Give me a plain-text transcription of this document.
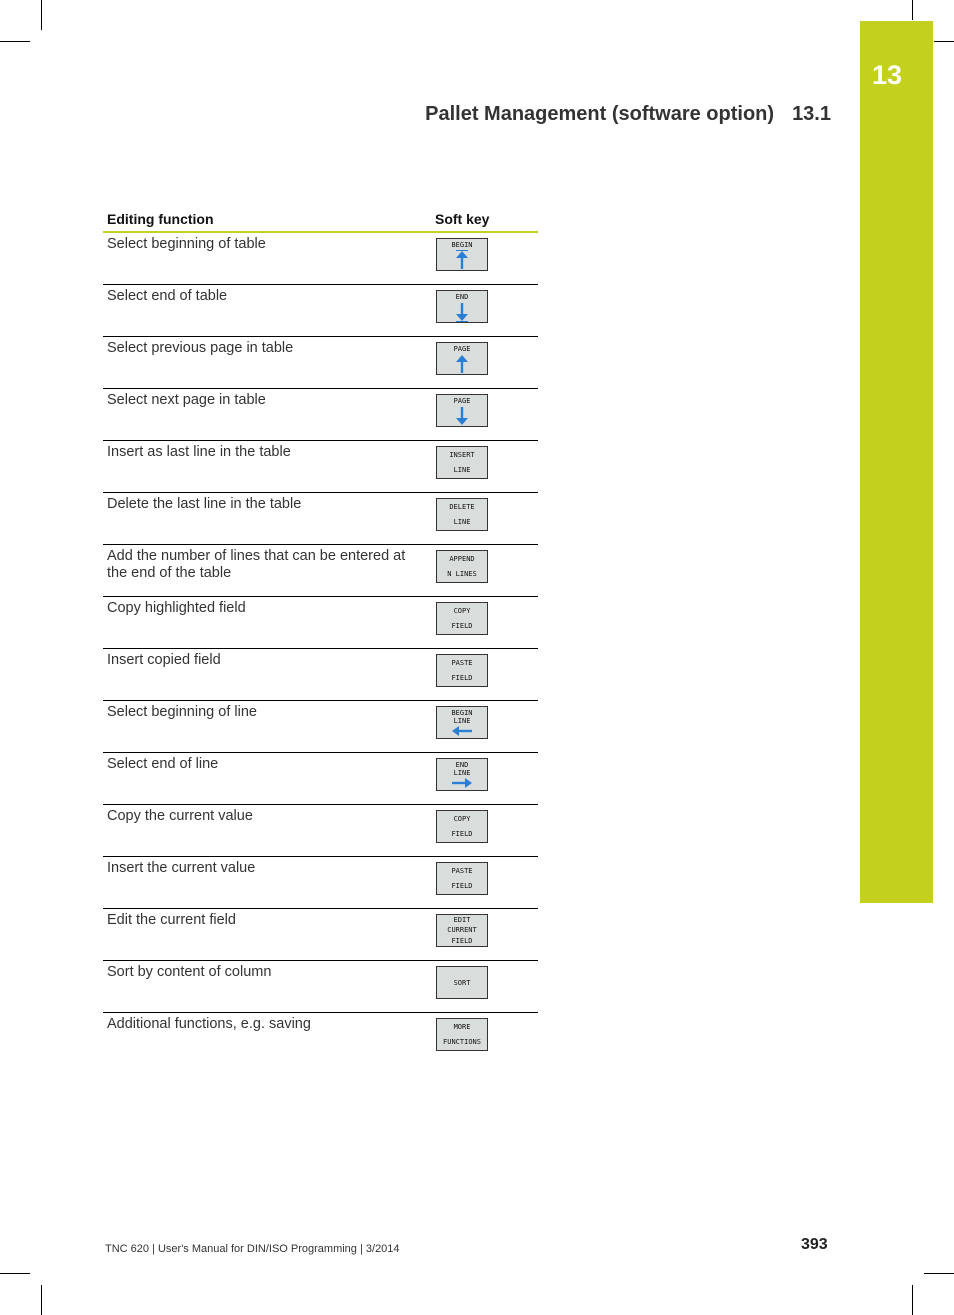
13
Pallet Management (software option) 13.1
Editing function	Soft key
Select beginning of table	BEGIN

Select end of table	END

Select previous page in table	PAGE

Select next page in table	PAGE

Insert as last line in the table	INSERT
LINE

Delete the last line in the table	DELETE
LINE

Add the number of lines that can be entered at the end of the table	APPEND
N LINES

Copy highlighted field	COPY
FIELD

Insert copied field	PASTE
FIELD

Select beginning of line	BEGIN
LINE

Select end of line	END
LINE

Copy the current value	COPY
FIELD

Insert the current value	PASTE
FIELD

Edit the current field	EDIT
CURRENT
FIELD

Sort by content of column	SORT

Additional functions, e.g. saving	MORE
FUNCTIONS
TNC 620 | User's Manual for DIN/ISO Programming | 3/2014	393
